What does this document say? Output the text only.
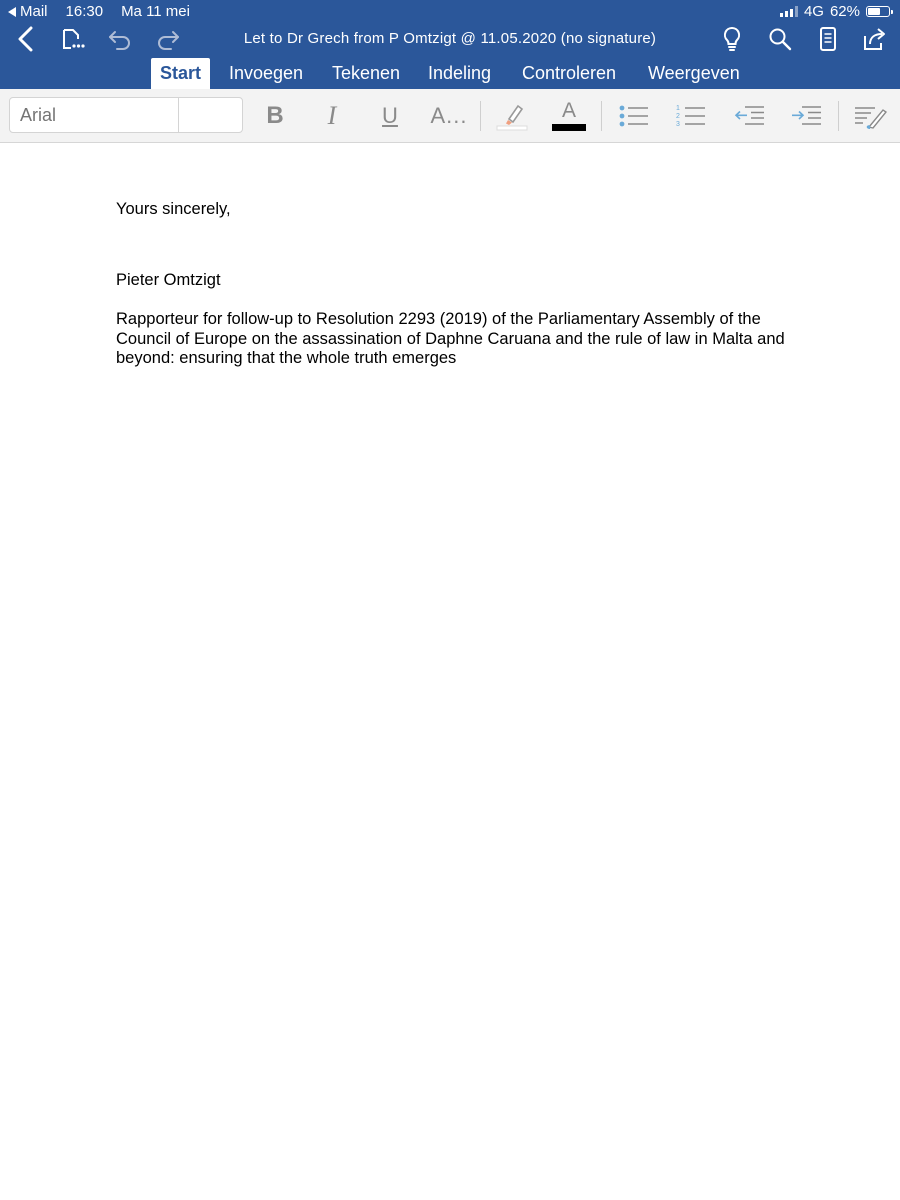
Mail 16:30 Ma 11 mei	4G 62%
Let to Dr Grech from P Omtzigt @ 11.05.2020 (no signature)
Start	Invoegen Tekenen Indeling Controleren Weergeven
Arial
B I U A...	A	1
2
3

Yours sincerely,

Pieter Omtzigt

Rapporteur for follow-up to Resolution 2293 (2019) of the Parliamentary Assembly of the Council of Europe on the assassination of Daphne Caruana and the rule of law in Malta and beyond: ensuring that the whole truth emerges
